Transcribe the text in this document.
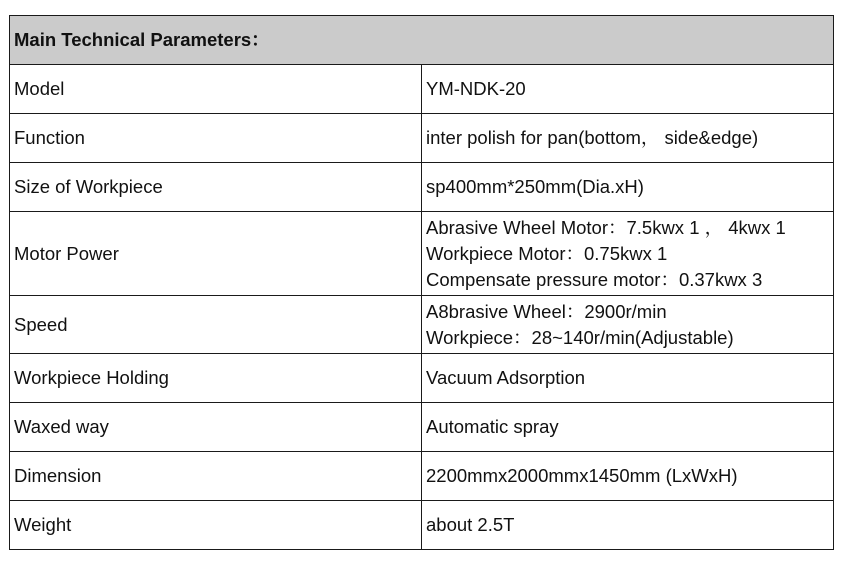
Main Technical Parameters：	
Model	YM-NDK-20

Function	inter polish for pan(bottom， side&edge)

Size of Workpiece	sp400mm*250mm(Dia.xH)

Motor Power	Abrasive Wheel Motor：7.5kwx 1 ， 4kwx 1
Workpiece Motor：0.75kwx 1
Compensate pressure motor：0.37kwx 3

Speed	A8brasive Wheel：2900r/min
Workpiece：28~140r/min(Adjustable)

Workpiece Holding	Vacuum Adsorption

Waxed way	Automatic spray

Dimension	2200mmx2000mmx1450mm (LxWxH)

Weight	about 2.5T
